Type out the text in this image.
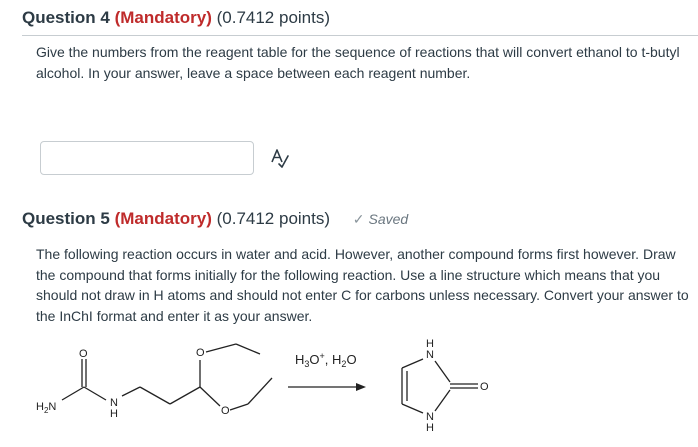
Question 4 (Mandatory) (0.7412 points)
Give the numbers from the reagent table for the sequence of reactions that will convert ethanol to t-butyl alcohol. In your answer, leave a space between each reagent number.
Question 5 (Mandatory) (0.7412 points) ✓ Saved
The following reaction occurs in water and acid. However, another compound forms first however. Draw the compound that forms initially for the following reaction. Use a line structure which means that you should not draw in H atoms and should not enter C for carbons unless necessary. Convert your answer to the InChI format and enter it as your answer.
O
$H_2N$	N
H
O
O
$H_3O^+$, $H_2O$
H
N
N
H
O
